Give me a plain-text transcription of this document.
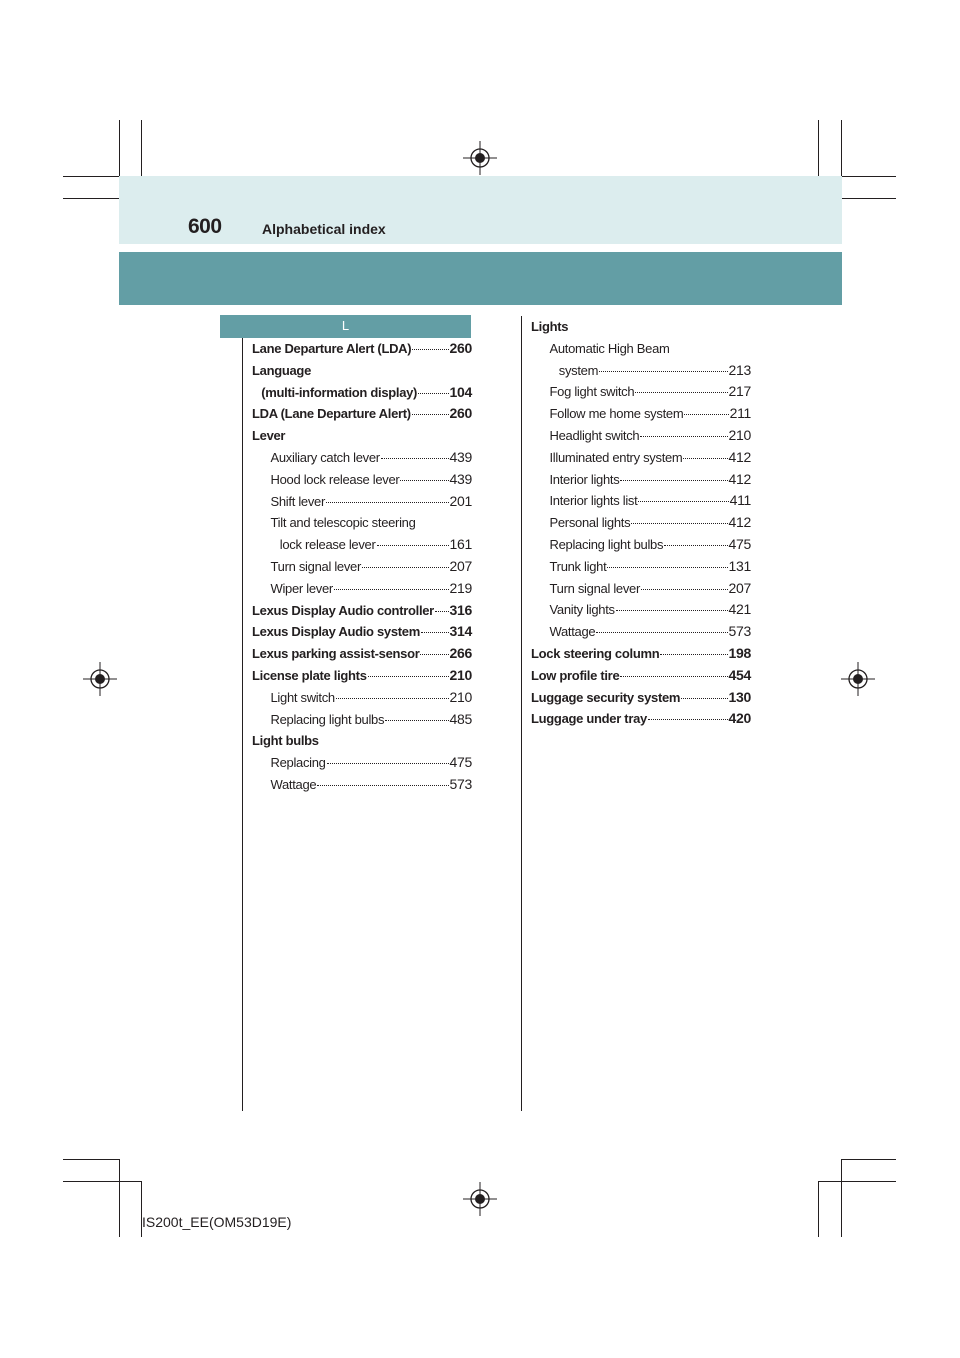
600	Alphabetical index
L
Lane Departure Alert (LDA)	260
Language
(multi-information display) 104
LDA (Lane Departure Alert)	260
Lever
Auxiliary catch lever	439
Hood lock release lever	439
Shift lever	201
Tilt and telescopic steering
lock release lever	161
Turn signal lever	207
Wiper lever	219
Lexus Display Audio controller 316
Lexus Display Audio system 314
Lexus parking assist-sensor 266
License plate lights	210
Light switch	210
Replacing light bulbs	485
Light bulbs
Replacing	475
Wattage	573
Lights
Automatic High Beam
system	213
Fog light switch	217
Follow me home system	211
Headlight switch	210
Illuminated entry system	412
Interior lights	412
Interior lights list	411
Personal lights	412
Replacing light bulbs	475
Trunk light	131
Turn signal lever	207
Vanity lights	421
Wattage	573
Lock steering column	198
Low profile tire	454
Luggage security system	130
Luggage under tray	420
IS200t_EE(OM53D19E)
